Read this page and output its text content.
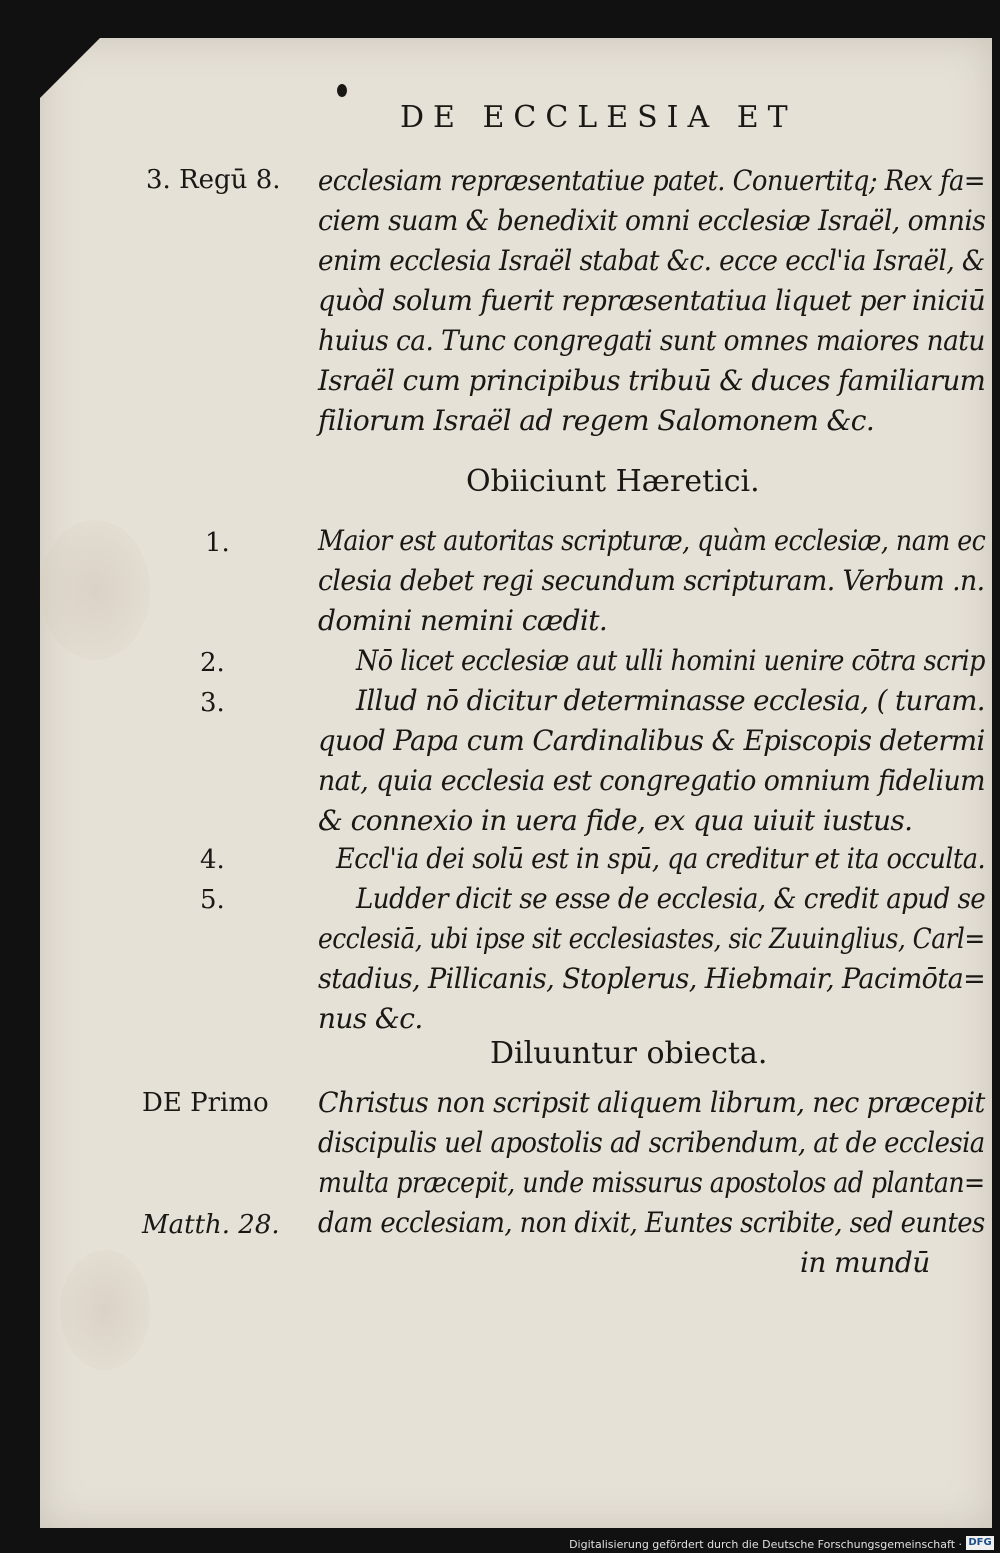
DE ECCLESIA ET
3. Regū 8.
1.
2.
3.
4.
5.
DE Primo
Matth. 28.
Obiiciunt Hæretici.
Diluuntur obiecta.
ecclesiam repræsentatiue patet. Conuertitq; Rex fa=
ciem suam & benedixit omni ecclesiæ Israël, omnis
enim ecclesia Israël stabat &c. ecce eccl'ia Israël, &
quòd solum fuerit repræsentatiua liquet per iniciū
huius ca. Tunc congregati sunt omnes maiores natu
Israël cum principibus tribuū & duces familiarum
filiorum Israël ad regem Salomonem &c.
Maior est autoritas scripturæ, quàm ecclesiæ, nam ec
clesia debet regi secundum scripturam. Verbum .n.
domini nemini cædit.
Nō licet ecclesiæ aut ulli homini uenire cōtra scrip
Illud nō dicitur determinasse ecclesia, ( turam.
quod Papa cum Cardinalibus & Episcopis determi
nat, quia ecclesia est congregatio omnium fidelium
& connexio in uera fide, ex qua uiuit iustus.
Eccl'ia dei solū est in spū, qa creditur et ita occulta.
Ludder dicit se esse de ecclesia, & credit apud se
ecclesiā, ubi ipse sit ecclesiastes, sic Zuuinglius, Carl=
stadius, Pillicanis, Stoplerus, Hiebmair, Pacimōta=
nus &c.
Christus non scripsit aliquem librum, nec præcepit
discipulis uel apostolis ad scribendum, at de ecclesia
multa præcepit, unde missurus apostolos ad plantan=
dam ecclesiam, non dixit, Euntes scribite, sed euntes
in mundū
Digitalisierung gefördert durch die Deutsche Forschungsgemeinschaft · DFG
